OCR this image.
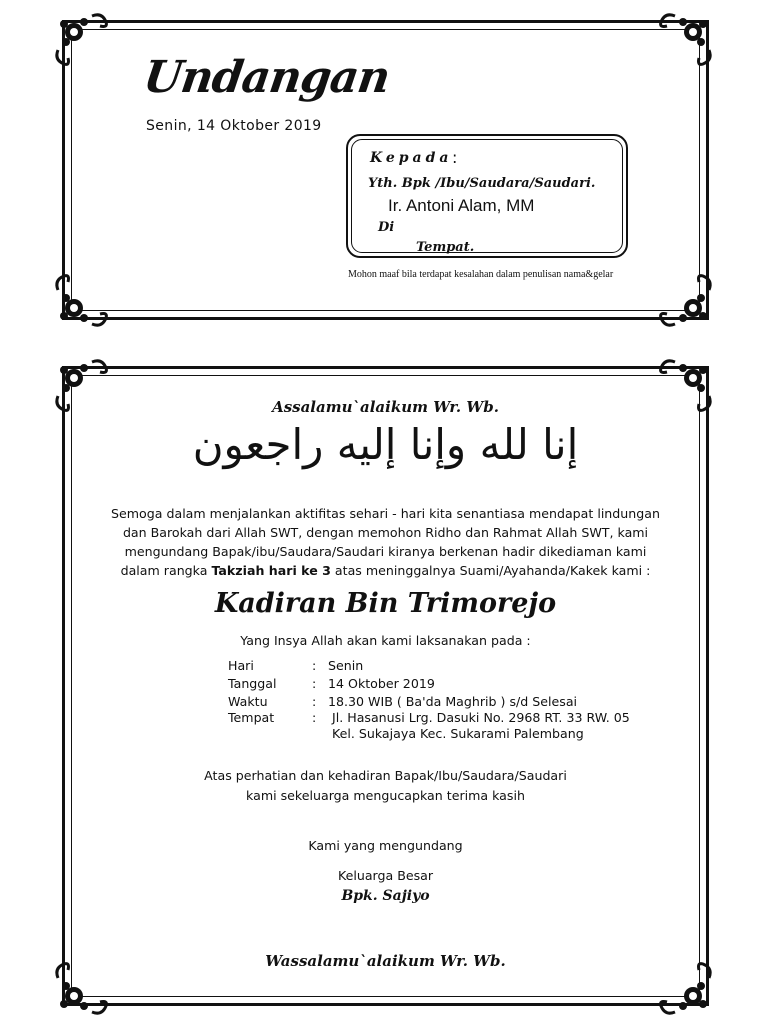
Undangan
Senin, 14 Oktober 2019
Kepada :
Yth. Bpk /Ibu/Saudara/Saudari.
Ir. Antoni Alam, MM
Di
Tempat.
Mohon maaf bila terdapat kesalahan dalam penulisan nama&gelar
Assalamu`alaikum Wr. Wb.
إنا لله وإنا إليه راجعون
Semoga dalam menjalankan aktifitas sehari - hari kita senantiasa mendapat lindungan
dan Barokah dari Allah SWT, dengan memohon Ridho dan Rahmat Allah SWT, kami
mengundang Bapak/ibu/Saudara/Saudari kiranya berkenan hadir dikediaman kami
dalam rangka Takziah hari ke 3 atas meninggalnya Suami/Ayahanda/Kakek kami :
Kadiran Bin Trimorejo
Yang Insya Allah akan kami laksanakan pada :
Hari	: Senin
Tanggal	: 14 Oktober 2019
Waktu	: 18.30 WIB ( Ba'da Maghrib ) s/d Selesai
Tempat	: Jl. Hasanusi Lrg. Dasuki No. 2968 RT. 33 RW. 05
Kel. Sukajaya Kec. Sukarami Palembang
Atas perhatian dan kehadiran Bapak/Ibu/Saudara/Saudari
kami sekeluarga mengucapkan terima kasih
Kami yang mengundang
Keluarga Besar
Bpk. Sajiyo
Wassalamu`alaikum Wr. Wb.
